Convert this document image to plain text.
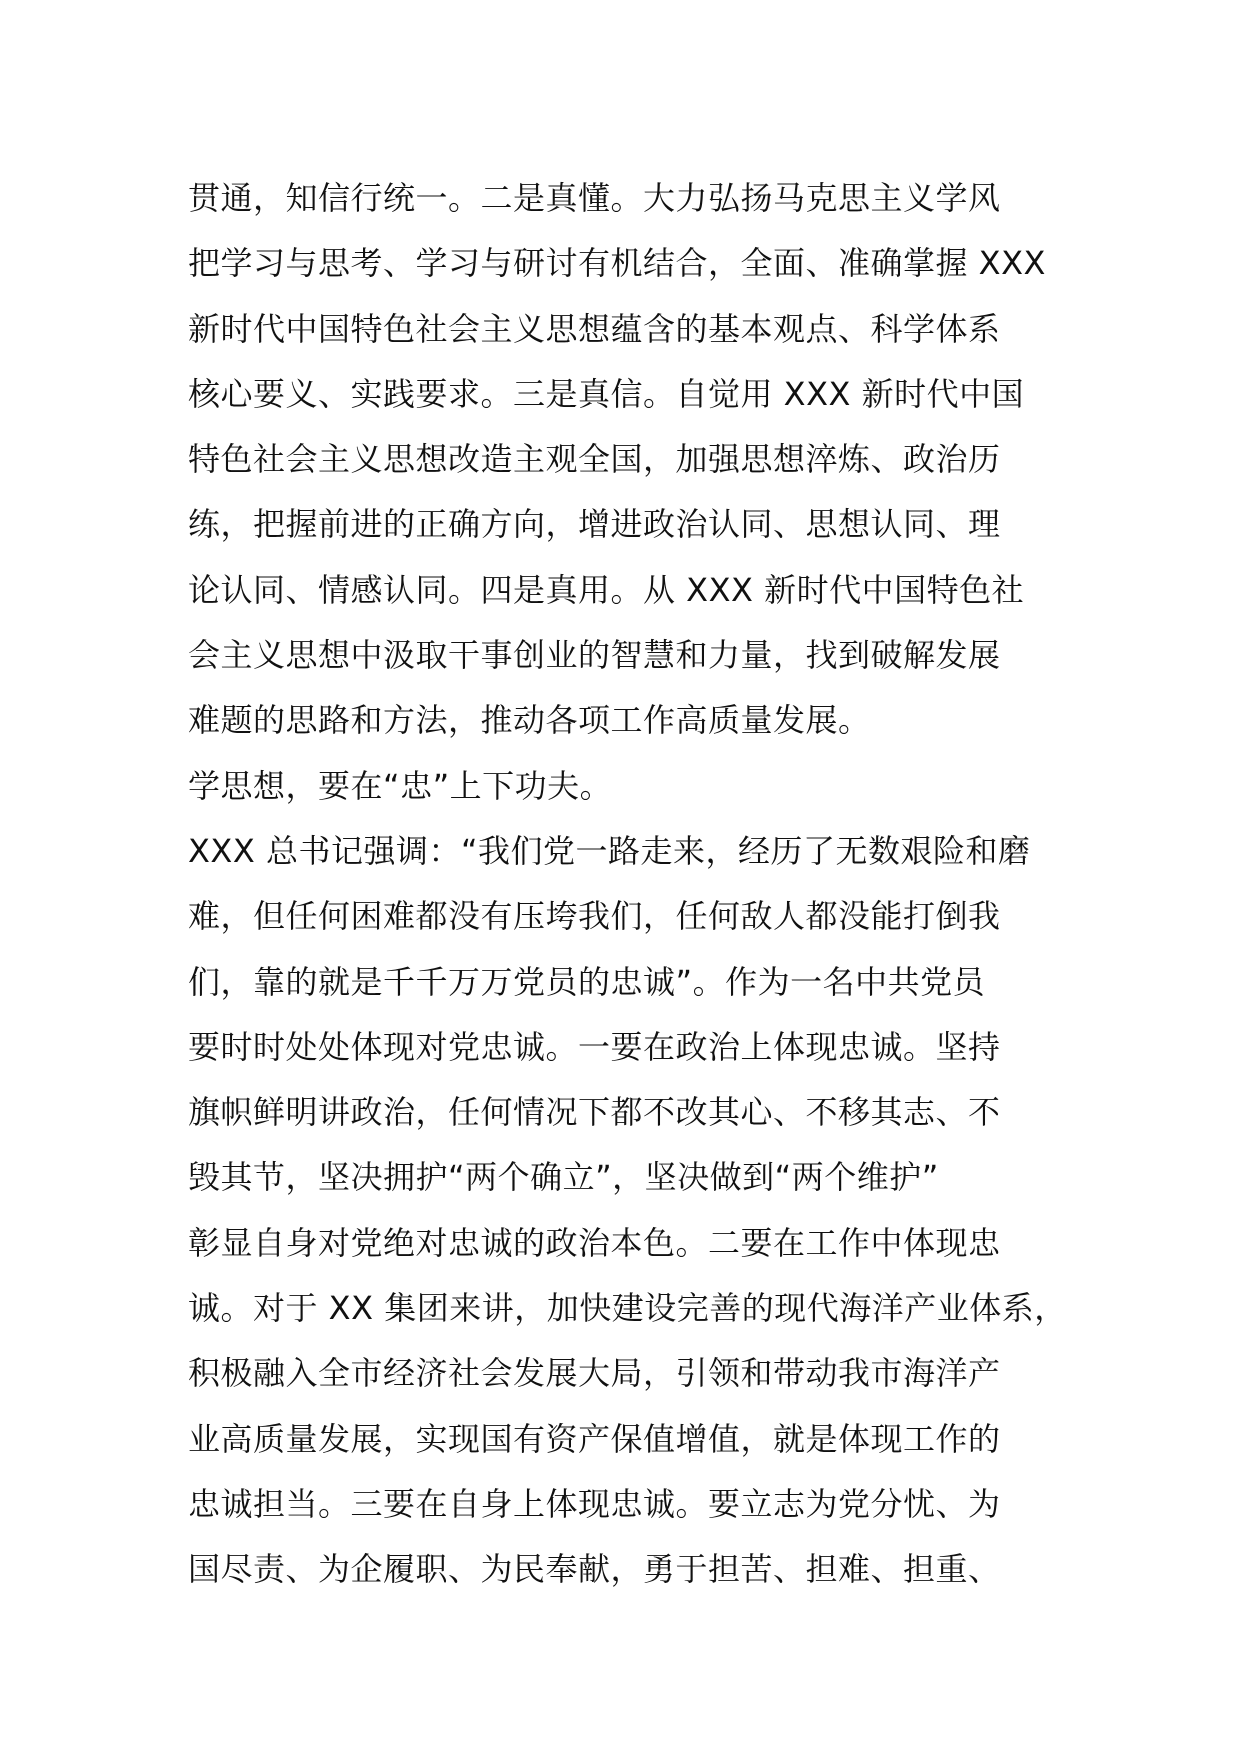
贯通，知信行统一。二是真懂。大力弘扬马克思主义学风
把学习与思考、学习与研讨有机结合，全面、准确掌握 XXX
新时代中国特色社会主义思想蕴含的基本观点、科学体系
核心要义、实践要求。三是真信。自觉用 XXX 新时代中国
特色社会主义思想改造主观全国，加强思想淬炼、政治历
练，把握前进的正确方向，增进政治认同、思想认同、理
论认同、情感认同。四是真用。从 XXX 新时代中国特色社
会主义思想中汲取干事创业的智慧和力量，找到破解发展
难题的思路和方法，推动各项工作高质量发展。
学思想，要在“忠”上下功夫。
XXX 总书记强调：“我们党一路走来，经历了无数艰险和磨
难，但任何困难都没有压垮我们，任何敌人都没能打倒我
们，靠的就是千千万万党员的忠诚”。作为一名中共党员
要时时处处体现对党忠诚。一要在政治上体现忠诚。坚持
旗帜鲜明讲政治，任何情况下都不改其心、不移其志、不
毁其节，坚决拥护“两个确立”，坚决做到“两个维护”
彰显自身对党绝对忠诚的政治本色。二要在工作中体现忠
诚。对于 XX 集团来讲，加快建设完善的现代海洋产业体系，
积极融入全市经济社会发展大局，引领和带动我市海洋产
业高质量发展，实现国有资产保值增值，就是体现工作的
忠诚担当。三要在自身上体现忠诚。要立志为党分忧、为
国尽责、为企履职、为民奉献，勇于担苦、担难、担重、
